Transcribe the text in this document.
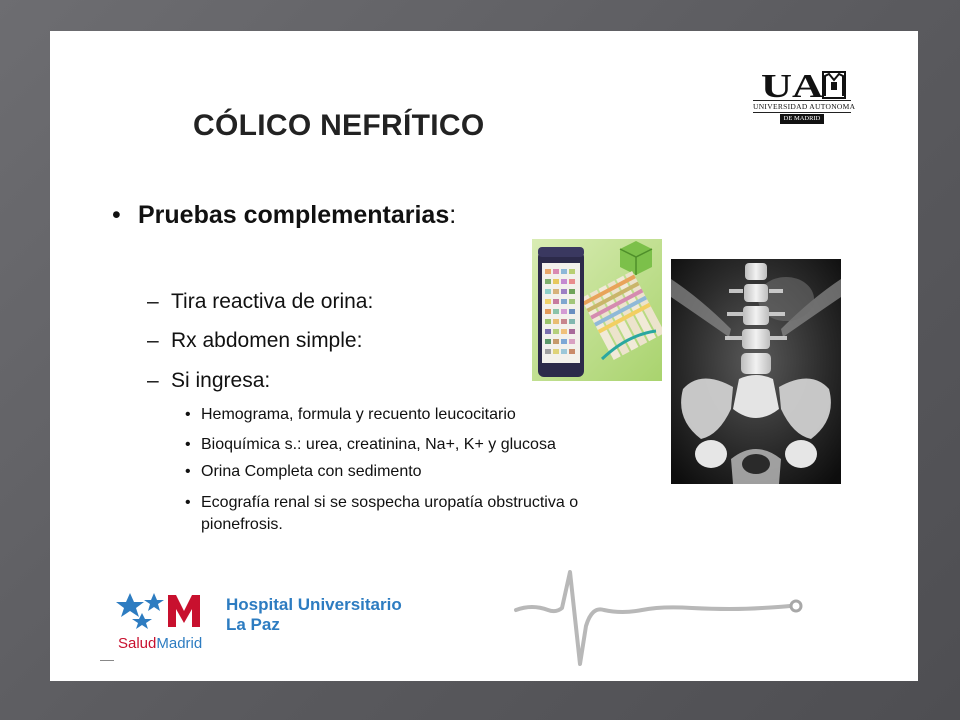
CÓLICO NEFRÍTICO
UA
UNIVERSIDAD AUTONOMA
DE MADRID
• Pruebas complementarias:
– Tira reactiva de orina:
– Rx abdomen simple:
– Si ingresa:
• Hemograma, formula y recuento leucocitario
• Bioquímica s.: urea, creatinina, Na+, K+ y glucosa
• Orina Completa con sedimento
• Ecografía renal si se sospecha uropatía obstructiva o pionefrosis.
Hospital Universitario
La Paz
SaludMadrid
